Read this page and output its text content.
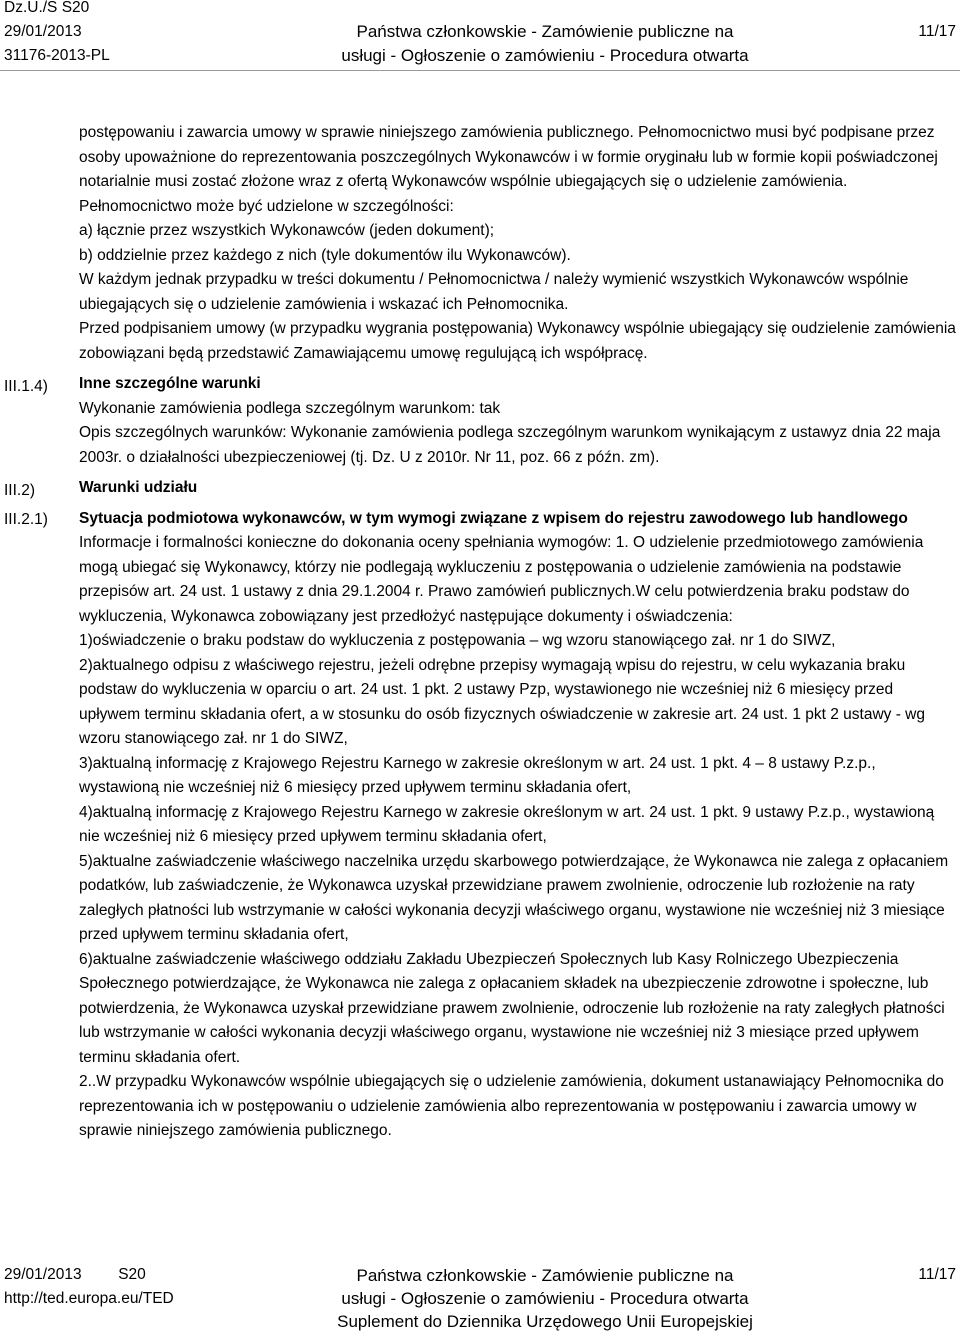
Dz.U./S S20
29/01/2013
31176-2013-PL
Państwa członkowskie - Zamówienie publiczne na
usługi - Ogłoszenie o zamówieniu - Procedura otwarta
11/17
III.1.4)
III.2)
III.2.1)

postępowaniu i zawarcia umowy w sprawie niniejszego zamówienia publicznego. Pełnomocnictwo musi być podpisane przez osoby upoważnione do reprezentowania poszczególnych Wykonawców i w formie oryginału lub w formie kopii poświadczonej notarialnie musi zostać złożone wraz z ofertą Wykonawców wspólnie ubiegających się o udzielenie zamówienia. Pełnomocnictwo może być udzielone w szczególności:

a) łącznie przez wszystkich Wykonawców (jeden dokument);

b) oddzielnie przez każdego z nich (tyle dokumentów ilu Wykonawców).

W każdym jednak przypadku w treści dokumentu / Pełnomocnictwa / należy wymienić wszystkich Wykonawców wspólnie ubiegających się o udzielenie zamówienia i wskazać ich Pełnomocnika.

Przed podpisaniem umowy (w przypadku wygrania postępowania) Wykonawcy wspólnie ubiegający się oudzielenie zamówienia zobowiązani będą przedstawić Zamawiającemu umowę regulującą ich współpracę.

Inne szczególne warunki

Wykonanie zamówienia podlega szczególnym warunkom: tak

Opis szczególnych warunków: Wykonanie zamówienia podlega szczególnym warunkom wynikającym z ustawyz dnia 22 maja 2003r. o działalności ubezpieczeniowej (tj. Dz. U z 2010r. Nr 11, poz. 66 z późn. zm).

Warunki udziału

Sytuacja podmiotowa wykonawców, w tym wymogi związane z wpisem do rejestru zawodowego lub handlowego

Informacje i formalności konieczne do dokonania oceny spełniania wymogów: 1. O udzielenie przedmiotowego zamówienia mogą ubiegać się Wykonawcy, którzy nie podlegają wykluczeniu z postępowania o udzielenie zamówienia na podstawie przepisów art. 24 ust. 1 ustawy z dnia 29.1.2004 r. Prawo zamówień publicznych.W celu potwierdzenia braku podstaw do wykluczenia, Wykonawca zobowiązany jest przedłożyć następujące dokumenty i oświadczenia:

1)oświadczenie o braku podstaw do wykluczenia z postępowania – wg wzoru stanowiącego zał. nr 1 do SIWZ,

2)aktualnego odpisu z właściwego rejestru, jeżeli odrębne przepisy wymagają wpisu do rejestru, w celu wykazania braku podstaw do wykluczenia w oparciu o art. 24 ust. 1 pkt. 2 ustawy Pzp, wystawionego nie wcześniej niż 6 miesięcy przed upływem terminu składania ofert, a w stosunku do osób fizycznych oświadczenie w zakresie art. 24 ust. 1 pkt 2 ustawy - wg wzoru stanowiącego zał. nr 1 do SIWZ,

3)aktualną informację z Krajowego Rejestru Karnego w zakresie określonym w art. 24 ust. 1 pkt. 4 – 8 ustawy P.z.p., wystawioną nie wcześniej niż 6 miesięcy przed upływem terminu składania ofert,

4)aktualną informację z Krajowego Rejestru Karnego w zakresie określonym w art. 24 ust. 1 pkt. 9 ustawy P.z.p., wystawioną nie wcześniej niż 6 miesięcy przed upływem terminu składania ofert,

5)aktualne zaświadczenie właściwego naczelnika urzędu skarbowego potwierdzające, że Wykonawca nie zalega z opłacaniem podatków, lub zaświadczenie, że Wykonawca uzyskał przewidziane prawem zwolnienie, odroczenie lub rozłożenie na raty zaległych płatności lub wstrzymanie w całości wykonania decyzji właściwego organu, wystawione nie wcześniej niż 3 miesiące przed upływem terminu składania ofert,

6)aktualne zaświadczenie właściwego oddziału Zakładu Ubezpieczeń Społecznych lub Kasy Rolniczego Ubezpieczenia Społecznego potwierdzające, że Wykonawca nie zalega z opłacaniem składek na ubezpieczenie zdrowotne i społeczne, lub potwierdzenia, że Wykonawca uzyskał przewidziane prawem zwolnienie, odroczenie lub rozłożenie na raty zaległych płatności lub wstrzymanie w całości wykonania decyzji właściwego organu, wystawione nie wcześniej niż 3 miesiące przed upływem terminu składania ofert.

2..W przypadku Wykonawców wspólnie ubiegających się o udzielenie zamówienia, dokument ustanawiający Pełnomocnika do reprezentowania ich w postępowaniu o udzielenie zamówienia albo reprezentowania w postępowaniu i zawarcia umowy w sprawie niniejszego zamówienia publicznego.

29/01/2013 S20
http://ted.europa.eu/TED
Państwa członkowskie - Zamówienie publiczne na
usługi - Ogłoszenie o zamówieniu - Procedura otwarta
Suplement do Dziennika Urzędowego Unii Europejskiej
11/17
